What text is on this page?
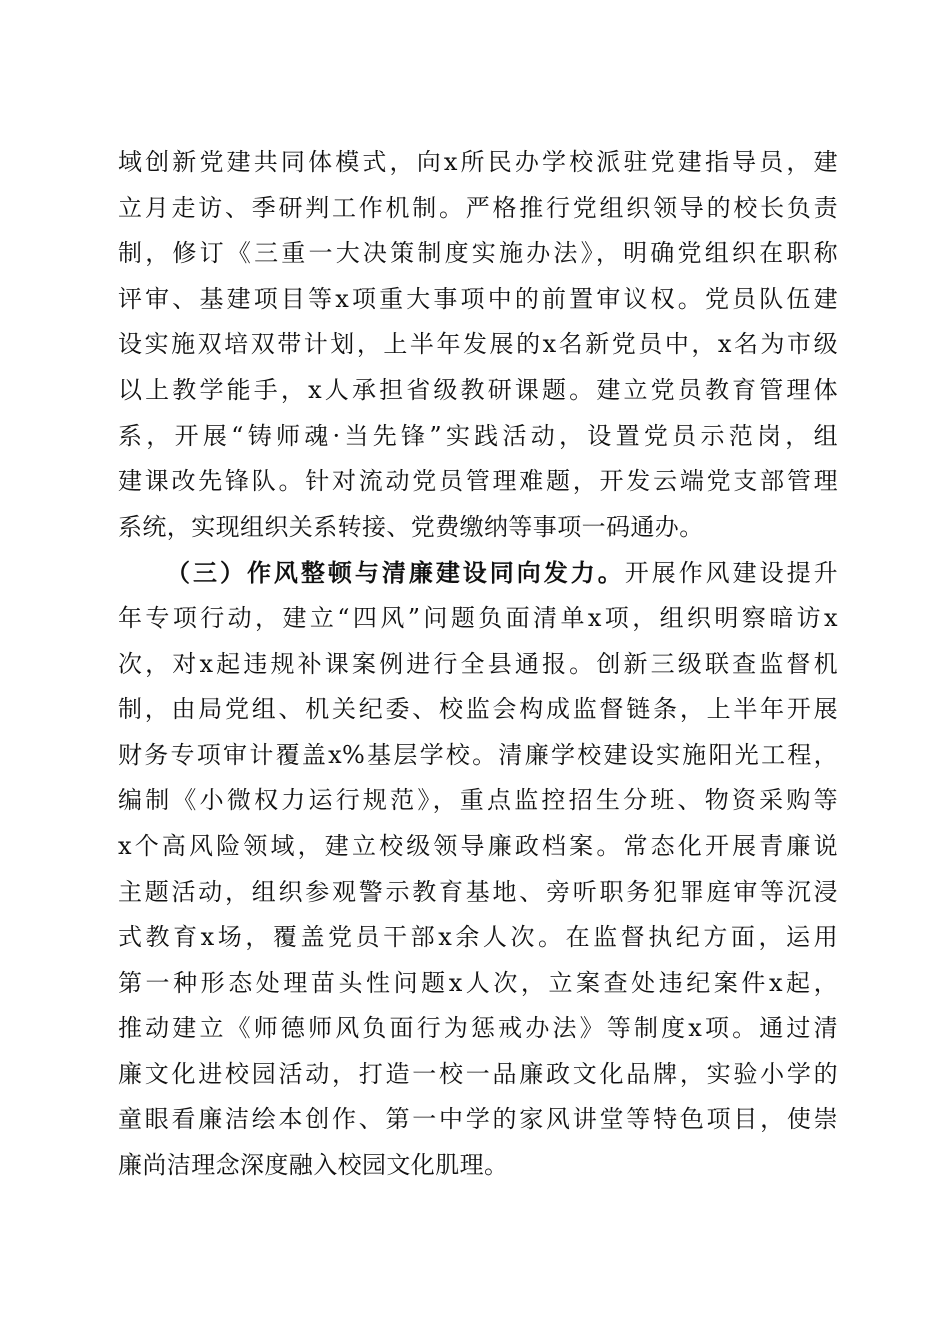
域创新党建共同体模式，向x所民办学校派驻党建指导员，建
立月走访、季研判工作机制。严格推行党组织领导的校长负责
制，修订《三重一大决策制度实施办法》，明确党组织在职称
评审、基建项目等x项重大事项中的前置审议权。党员队伍建
设实施双培双带计划，上半年发展的x名新党员中，x名为市级
以上教学能手，x人承担省级教研课题。建立党员教育管理体
系，开展“铸师魂·当先锋”实践活动，设置党员示范岗，组
建课改先锋队。针对流动党员管理难题，开发云端党支部管理
系统，实现组织关系转接、党费缴纳等事项一码通办。
（三）作风整顿与清廉建设同向发力。开展作风建设提升
年专项行动，建立“四风”问题负面清单x项，组织明察暗访x
次，对x起违规补课案例进行全县通报。创新三级联查监督机
制，由局党组、机关纪委、校监会构成监督链条，上半年开展
财务专项审计覆盖x%基层学校。清廉学校建设实施阳光工程，
编制《小微权力运行规范》，重点监控招生分班、物资采购等
x个高风险领域，建立校级领导廉政档案。常态化开展青廉说
主题活动，组织参观警示教育基地、旁听职务犯罪庭审等沉浸
式教育x场，覆盖党员干部x余人次。在监督执纪方面，运用
第一种形态处理苗头性问题x人次，立案查处违纪案件x起，
推动建立《师德师风负面行为惩戒办法》等制度x项。通过清
廉文化进校园活动，打造一校一品廉政文化品牌，实验小学的
童眼看廉洁绘本创作、第一中学的家风讲堂等特色项目，使崇
廉尚洁理念深度融入校园文化肌理。
